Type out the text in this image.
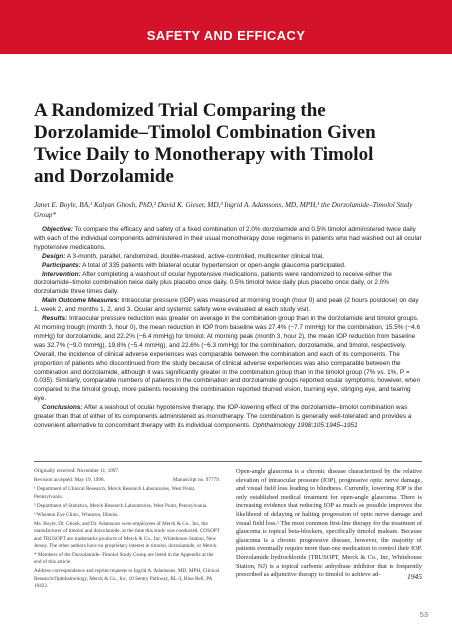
SAFETY AND EFFICACY
A Randomized Trial Comparing the Dorzolamide–Timolol Combination Given Twice Daily to Monotherapy with Timolol and Dorzolamide
Janet E. Boyle, BA,¹ Kalyan Ghosh, PhD,² David K. Gieser, MD,³ Ingrid A. Adamsons, MD, MPH,¹ the Dorzolamide–Timolol Study Group*

Objective: To compare the efficacy and safety of a fixed combination of 2.0% dorzolamide and 0.5% timolol administered twice daily with each of the individual components administered in their usual monotherapy dose regimens in patients who had washed out all ocular hypotensive medications.

Design: A 3-month, parallel, randomized, double-masked, active-controlled, multicenter clinical trial.

Participants: A total of 335 patients with bilateral ocular hypertension or open-angle glaucoma participated.

Intervention: After completing a washout of ocular hypotensive medications, patients were randomized to receive either the dorzolamide–timolol combination twice daily plus placebo once daily, 0.5% timolol twice daily plus placebo once daily, or 2.0% dorzolamide three times daily.

Main Outcome Measures: Intraocular pressure (IOP) was measured at morning trough (hour 0) and peak (2 hours postdose) on day 1, week 2, and months 1, 2, and 3. Ocular and systemic safety were evaluated at each study visit.

Results: Intraocular pressure reduction was greater on average in the combination group than in the dorzolamide and timolol groups. At morning trough (month 3, hour 0), the mean reduction in IOP from baseline was 27.4% (−7.7 mmHg) for the combination, 15.5% (−4.6 mmHg) for dorzolamide, and 22.2% (−6.4 mmHg) for timolol. At morning peak (month 3, hour 2), the mean IOP reduction from baseline was 32.7% (−9.0 mmHg), 19.8% (−5.4 mmHg), and 22.6% (−6.3 mmHg) for the combination, dorzolamide, and timolol, respectively. Overall, the incidence of clinical adverse experiences was comparable between the combination and each of its components. The proportion of patients who discontinued from the study because of clinical adverse experiences was also comparable between the combination and dorzolamide, although it was significantly greater in the combination group than in the timolol group (7% vs. 1%, P = 0.035). Similarly, comparable numbers of patients in the combination and dorzolamide groups reported ocular symptoms; however, when compared to the timolol group, more patients receiving the combination reported blurred vision, burning eye, stinging eye, and tearing eye.

Conclusions: After a washout of ocular hypotensive therapy, the IOP-lowering effect of the dorzolamide–timolol combination was greater than that of either of its components administered as monotherapy. The combination is generally well-tolerated and provides a convenient alternative to concomitant therapy with its individual components. Ophthalmology 1998;105:1945–1951

Originally received: November 11, 1997.

Revision accepted: May 19, 1998.	Manuscript no. 97779.

¹ Department of Clinical Research, Merck Research Laboratories, West Point, Pennsylvania.

² Department of Statistics, Merck Research Laboratories, West Point, Pennsylvania.

³ Wheaton Eye Clinic, Wheaton, Illinois.

Ms. Boyle, Dr. Ghosh, and Dr. Adamsons were employees of Merck & Co., Inc, the manufacturer of timolol and dorzolamide, at the time this study was conducted. COSOPT and TRUSOPT are trademarks products of Merck & Co., Inc, Whitehouse Station, New Jersey. The other authors have no proprietary interest in timolol, dorzolamide, or Merck.

* Members of the Dorzolamide–Timolol Study Group are listed in the Appendix at the end of this article.

Address correspondence and reprint requests to Ingrid A. Adamsons, MD, MPH, Clinical Research/Ophthalmology, Merck & Co., Inc, 10 Sentry Parkway, BL-3, Blue Bell, PA 19422.

Open-angle glaucoma is a chronic disease characterized by the relative elevation of intraocular pressure (IOP), progressive optic nerve damage, and visual field loss leading to blindness. Currently, lowering IOP is the only established medical treatment for open-angle glaucoma. There is increasing evidence that reducing IOP as much as possible improves the likelihood of delaying or halting progression of optic nerve damage and visual field loss.¹ The most common first-line therapy for the treatment of glaucoma is topical beta-blockers, specifically timolol maleate. Because glaucoma is a chronic progressive disease, however, the majority of patients eventually require more than one medication to control their IOP. Dorzolamide hydrochloride (TRUSOPT, Merck & Co., Inc, Whitehouse Station, NJ) is a topical carbonic anhydrase inhibitor that is frequently prescribed as adjunctive therapy to timolol to achieve ad-	1945
53
